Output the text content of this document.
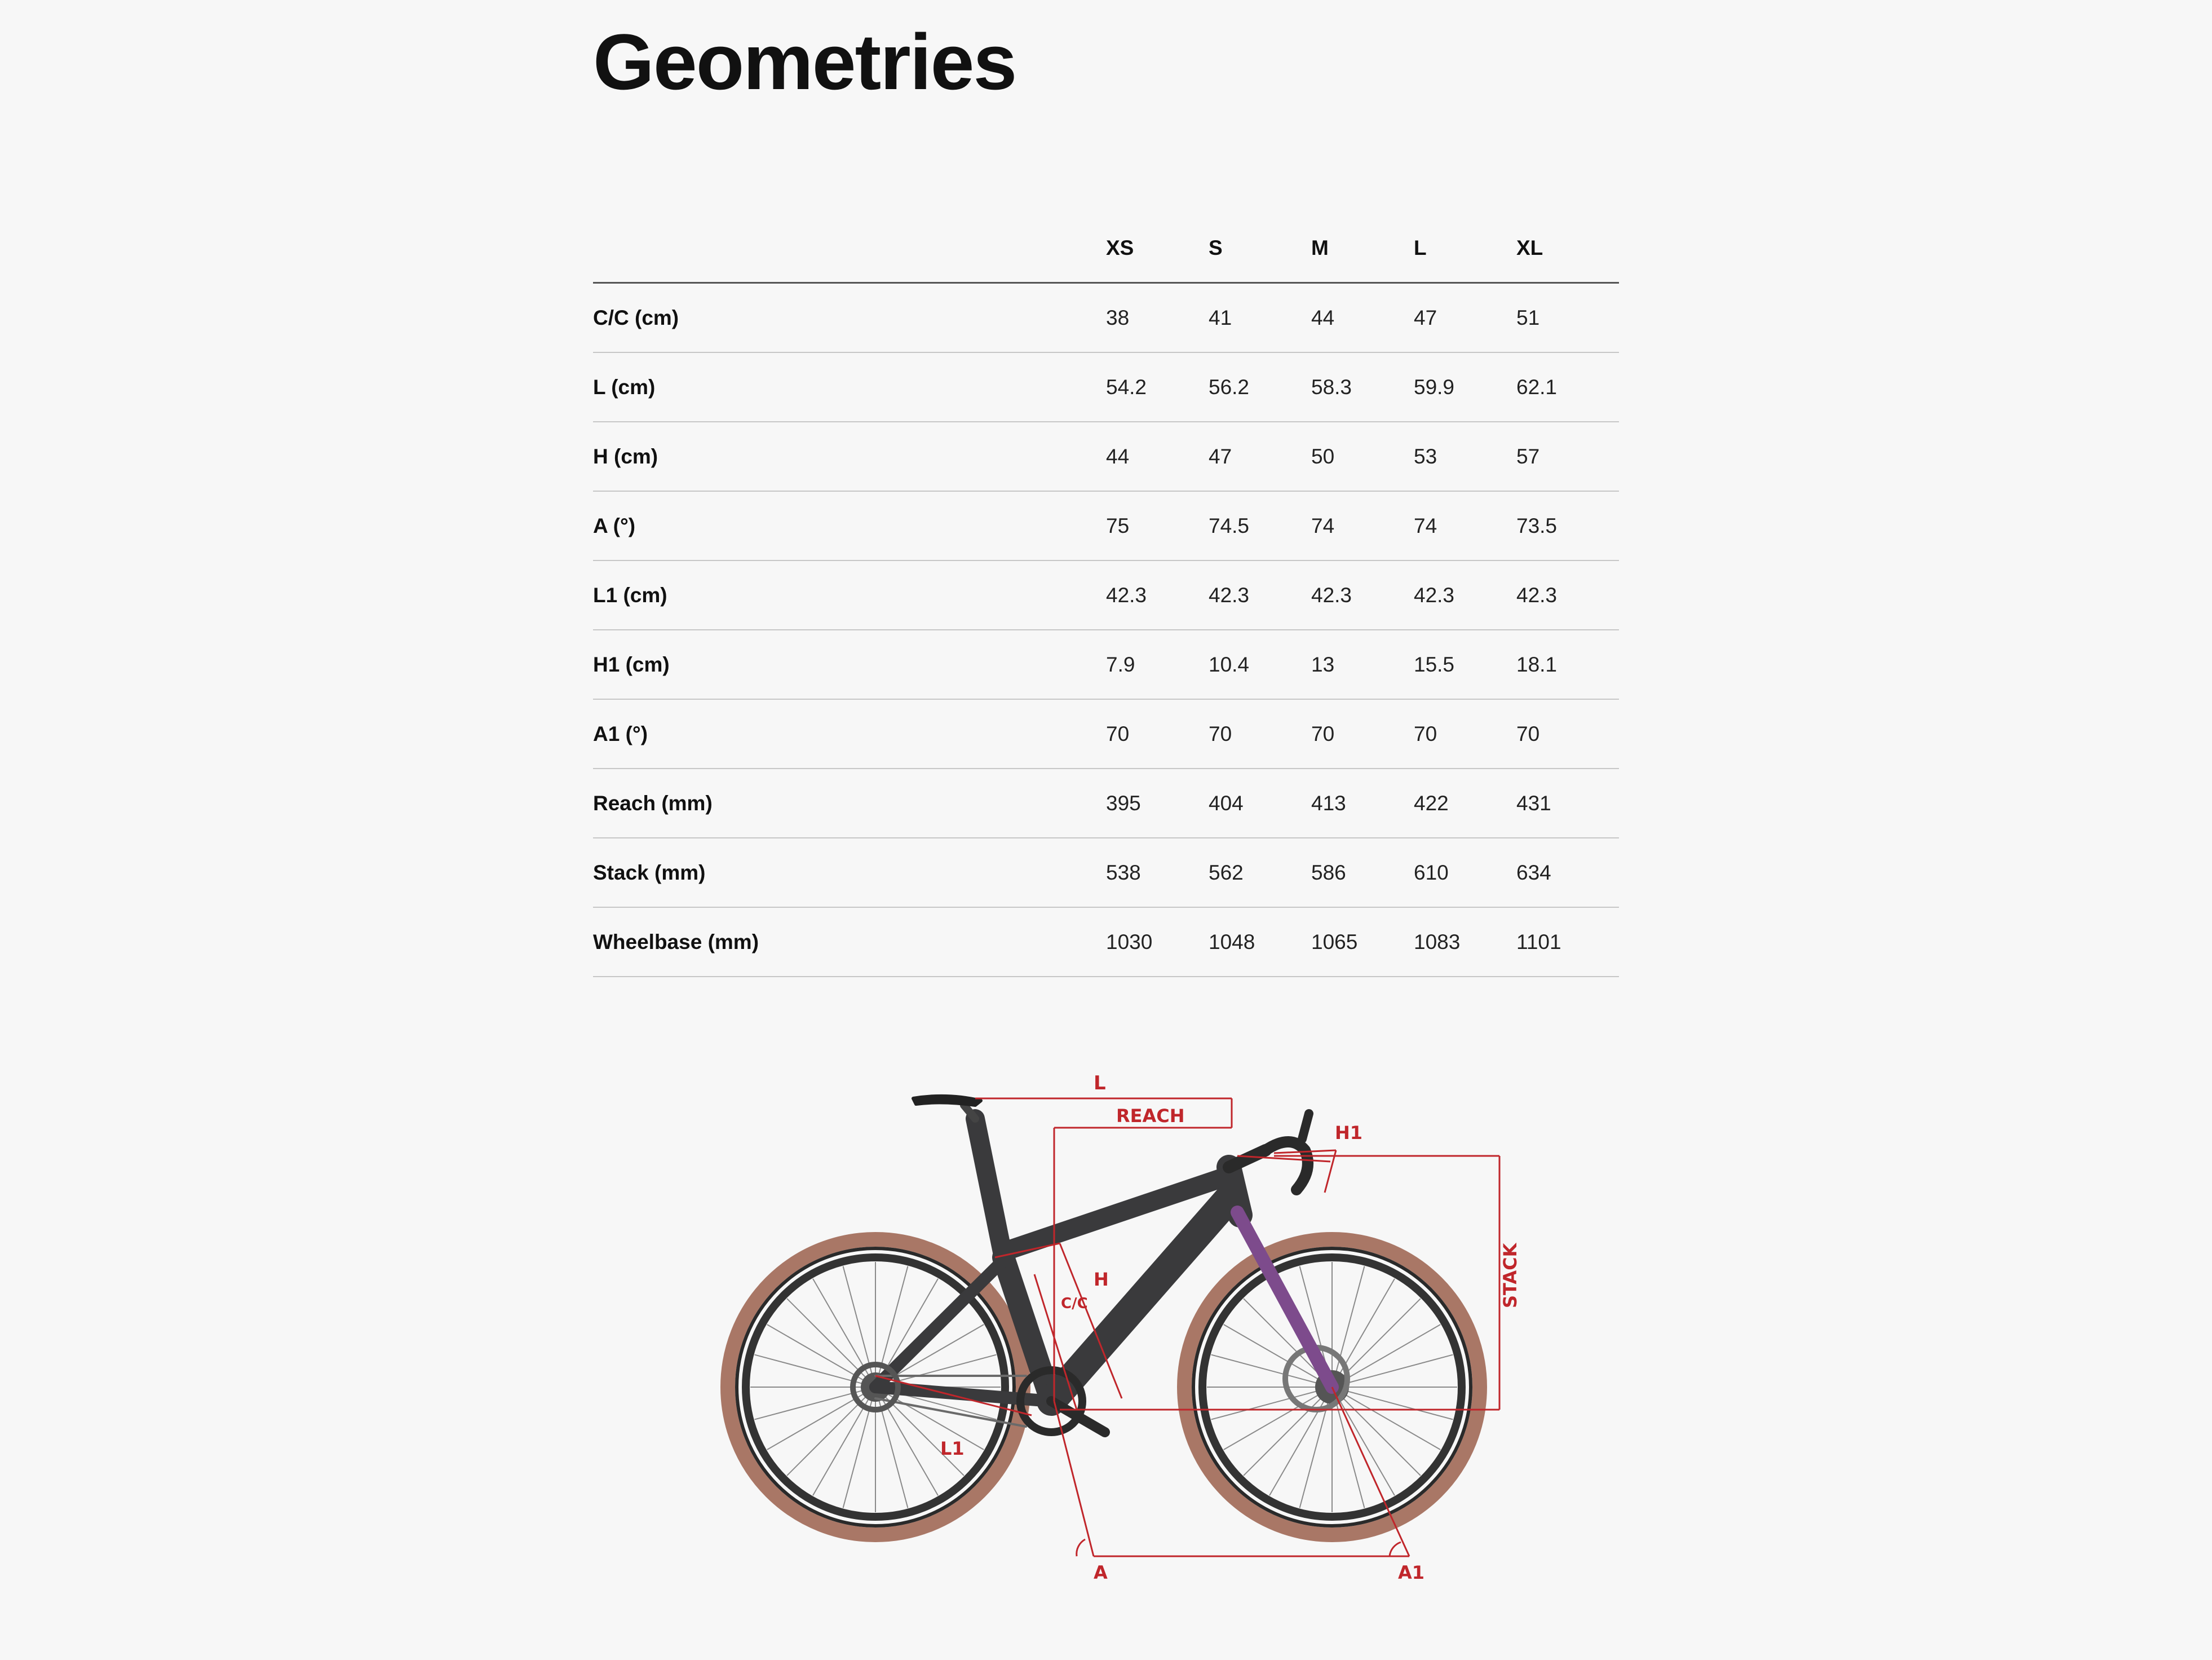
Geometries
	XS	S	M	L	XL
C/C (cm)	38	41	44	47	51
L (cm)	54.2	56.2	58.3	59.9	62.1
H (cm)	44	47	50	53	57
A (°)	75	74.5	74	74	73.5
L1 (cm)	42.3	42.3	42.3	42.3	42.3
H1 (cm)	7.9	10.4	13	15.5	18.1
A1 (°)	70	70	70	70	70
Reach (mm)	395	404	413	422	431
Stack (mm)	538	562	586	610	634
Wheelbase (mm)	1030	1048	1065	1083	1101
L
REACH
H1
STACK
C/C
H
L1
A	A1
